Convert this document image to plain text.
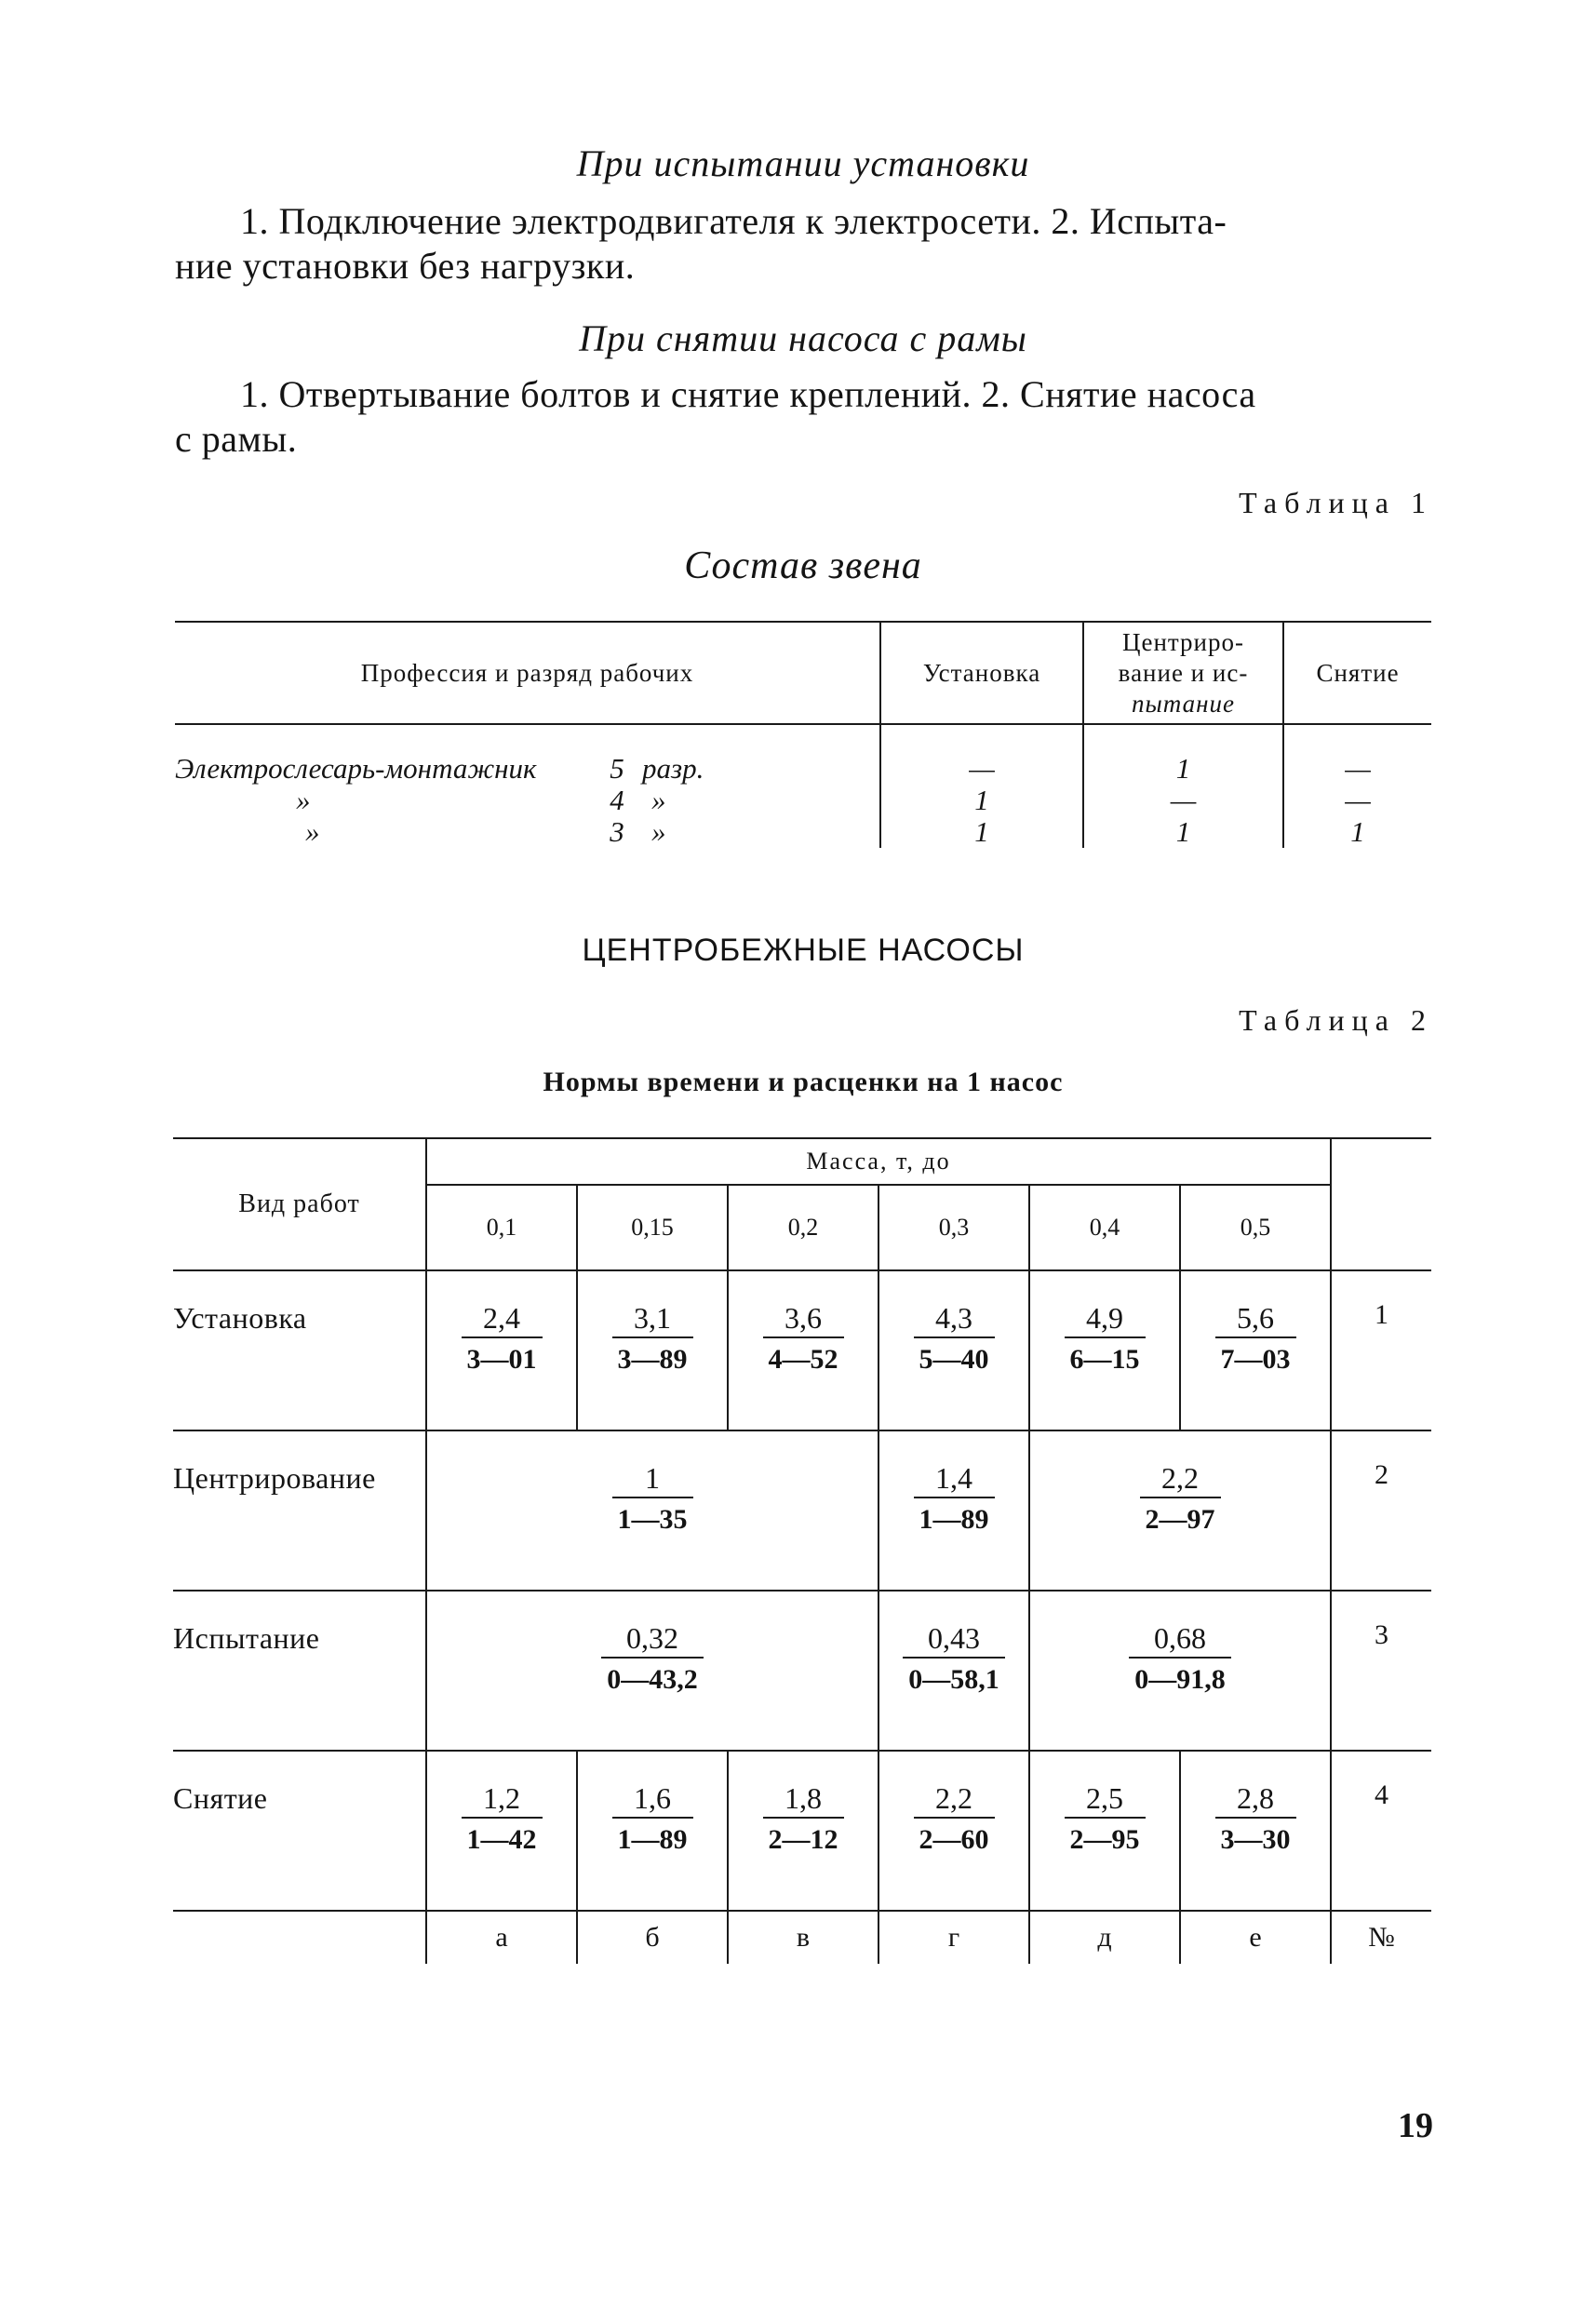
При испытании установки
1. Подключение электродвигателя к электросети. 2. Испыта-
ние установки без нагрузки.
При снятии насоса с рамы
1. Отвертывание болтов и снятие креплений. 2. Снятие насоса
с рамы.
Таблица 1
Состав звена
Профессия и разряд рабочих	Установка	Центриро-
вание и ис-
пытание	Снятие
Электрослесарь-монтажник 5 разр.	—	1	—
» 4 »	1	—	—
» 3 »	1	1	1
ЦЕНТРОБЕЖНЫЕ НАСОСЫ
Таблица 2
Нормы времени и расценки на 1 насос
Вид работ	Масса, т, до						
	0,1	0,15	0,2	0,3	0,4	0,5	
Установка	$\frac{2,4}{3—01}$	$\frac{3,1}{3—89}$	$\frac{3,6}{4—52}$	$\frac{4,3}{5—40}$	$\frac{4,9}{6—15}$	$\frac{5,6}{7—03}$	1
Центрирование	$\frac{1}{1—35}$			$\frac{1,4}{1—89}$	$\frac{2,2}{2—97}$		2
Испытание	$\frac{0,32}{0—43,2}$			$\frac{0,43}{0—58,1}$	$\frac{0,68}{0—91,8}$		3
Снятие	$\frac{1,2}{1—42}$	$\frac{1,6}{1—89}$	$\frac{1,8}{2—12}$	$\frac{2,2}{2—60}$	$\frac{2,5}{2—95}$	$\frac{2,8}{3—30}$	4
	а	б	в	г	д	е	№
19
